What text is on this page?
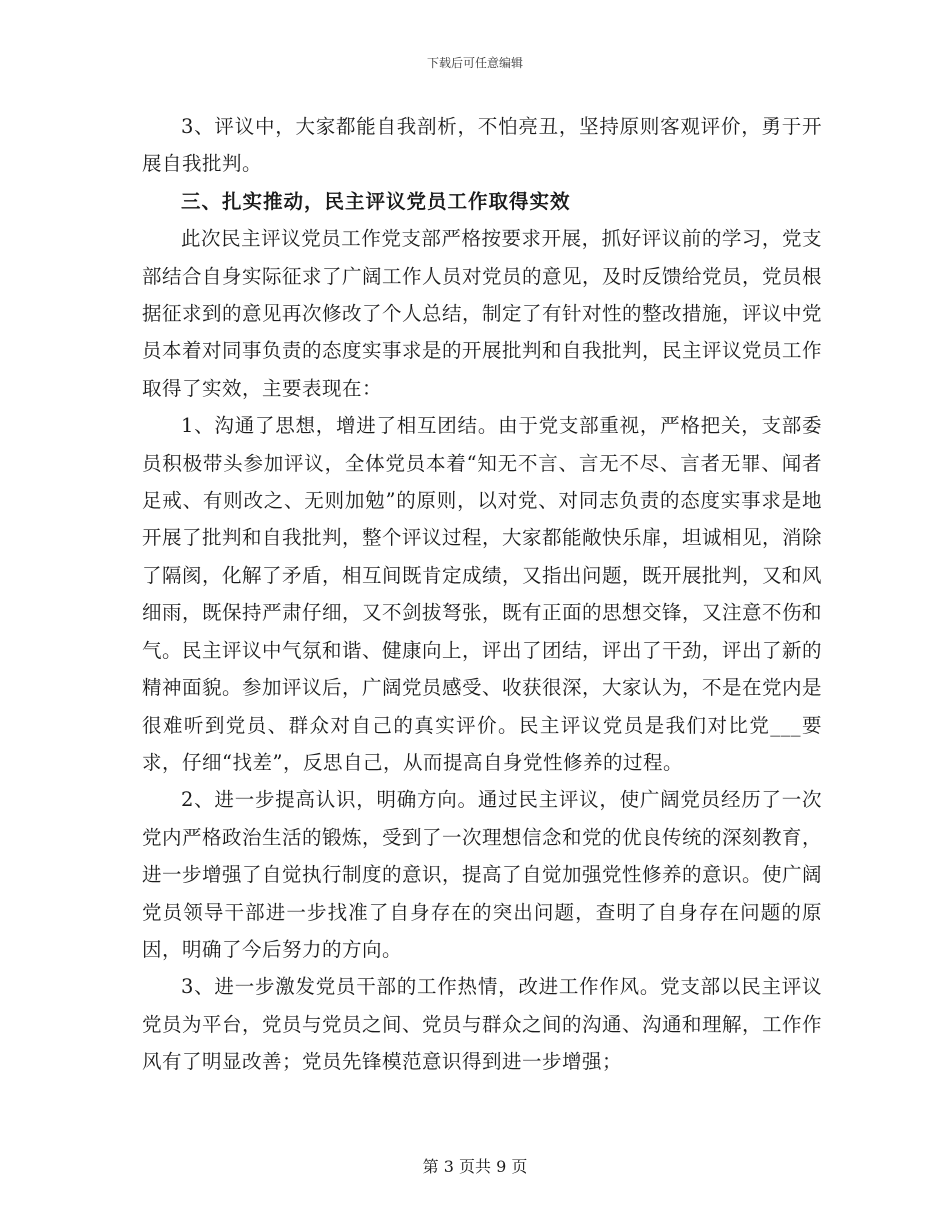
下载后可任意编辑

3、评议中，大家都能自我剖析，不怕亮丑，坚持原则客观评价，勇于开展自我批判。

三、扎实推动，民主评议党员工作取得实效

此次民主评议党员工作党支部严格按要求开展，抓好评议前的学习，党支部结合自身实际征求了广阔工作人员对党员的意见，及时反馈给党员，党员根据征求到的意见再次修改了个人总结，制定了有针对性的整改措施，评议中党员本着对同事负责的态度实事求是的开展批判和自我批判，民主评议党员工作取得了实效，主要表现在：

1、沟通了思想，增进了相互团结。由于党支部重视，严格把关，支部委员积极带头参加评议，全体党员本着“知无不言、言无不尽、言者无罪、闻者足戒、有则改之、无则加勉”的原则，以对党、对同志负责的态度实事求是地开展了批判和自我批判，整个评议过程，大家都能敞快乐扉，坦诚相见，消除了隔阂，化解了矛盾，相互间既肯定成绩，又指出问题，既开展批判，又和风细雨，既保持严肃仔细，又不剑拔弩张，既有正面的思想交锋，又注意不伤和气。民主评议中气氛和谐、健康向上，评出了团结，评出了干劲，评出了新的精神面貌。参加评议后，广阔党员感受、收获很深，大家认为，不是在党内是很难听到党员、群众对自己的真实评价。民主评议党员是我们对比党___要求，仔细“找差”，反思自己，从而提高自身党性修养的过程。

2、进一步提高认识，明确方向。通过民主评议，使广阔党员经历了一次党内严格政治生活的锻炼，受到了一次理想信念和党的优良传统的深刻教育，进一步增强了自觉执行制度的意识，提高了自觉加强党性修养的意识。使广阔党员领导干部进一步找准了自身存在的突出问题，查明了自身存在问题的原因，明确了今后努力的方向。

3、进一步激发党员干部的工作热情，改进工作作风。党支部以民主评议党员为平台，党员与党员之间、党员与群众之间的沟通、沟通和理解，工作作风有了明显改善；党员先锋模范意识得到进一步增强；

第 3 页共 9 页
